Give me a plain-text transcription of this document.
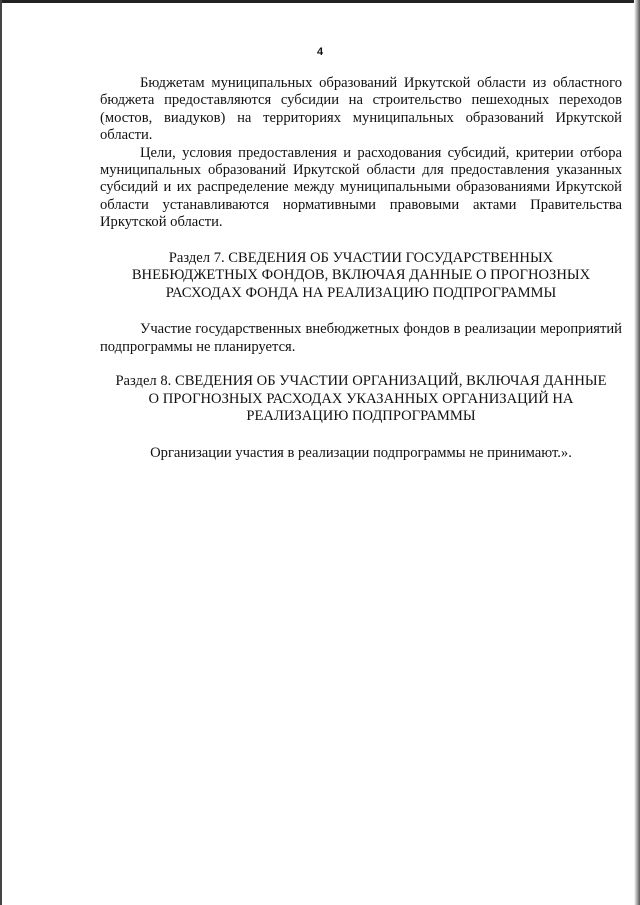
4

Бюджетам муниципальных образований Иркутской области из областного бюджета предоставляются субсидии на строительство пешеходных переходов (мостов, виадуков) на территориях муниципальных образований Иркутской области.

Цели, условия предоставления и расходования субсидий, критерии отбора муниципальных образований Иркутской области для предоставления указанных субсидий и их распределение между муниципальными образованиями Иркутской области устанавливаются нормативными правовыми актами Правительства Иркутской области.

Раздел 7. СВЕДЕНИЯ ОБ УЧАСТИИ ГОСУДАРСТВЕННЫХ
ВНЕБЮДЖЕТНЫХ ФОНДОВ, ВКЛЮЧАЯ ДАННЫЕ О ПРОГНОЗНЫХ
РАСХОДАХ ФОНДА НА РЕАЛИЗАЦИЮ ПОДПРОГРАММЫ

Участие государственных внебюджетных фондов в реализации мероприятий подпрограммы не планируется.

Раздел 8. СВЕДЕНИЯ ОБ УЧАСТИИ ОРГАНИЗАЦИЙ, ВКЛЮЧАЯ ДАННЫЕ
О ПРОГНОЗНЫХ РАСХОДАХ УКАЗАННЫХ ОРГАНИЗАЦИЙ НА
РЕАЛИЗАЦИЮ ПОДПРОГРАММЫ

Организации участия в реализации подпрограммы не принимают.».
